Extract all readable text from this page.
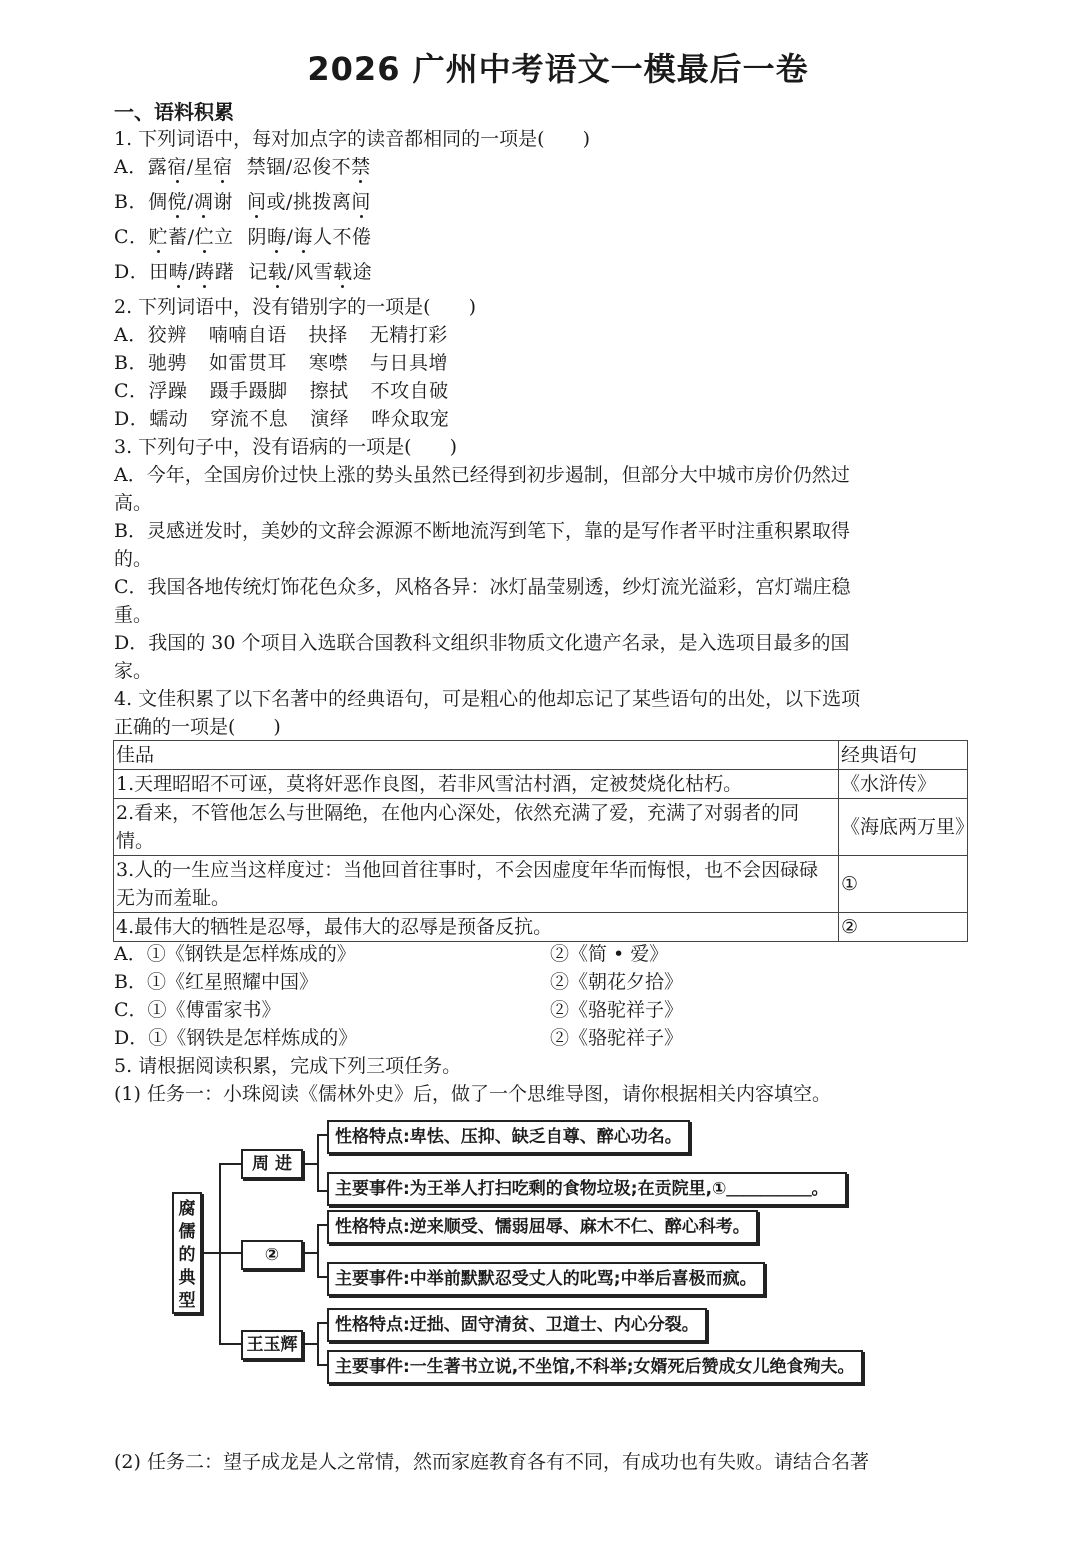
2026 广州中考语文一模最后一卷
一、语料积累
1. 下列词语中，每对加点字的读音都相同的一项是(　　)
A．露宿/星宿 禁锢/忍俊不禁
B．倜傥/凋谢 间或/挑拨离间
C．贮蓄/伫立 阴晦/诲人不倦
D．田畴/踌躇 记载/风雪载途
2. 下列词语中，没有错别字的一项是(　　)
A．狡辨 喃喃自语 抉择 无精打彩
B．驰骋 如雷贯耳 寒噤 与日具增
C．浮躁 蹑手蹑脚 擦拭 不攻自破
D．蠕动 穿流不息 演绎 哗众取宠
3. 下列句子中，没有语病的一项是(　　)
A．今年，全国房价过快上涨的势头虽然已经得到初步遏制，但部分大中城市房价仍然过
高。
B．灵感迸发时，美妙的文辞会源源不断地流泻到笔下，靠的是写作者平时注重积累取得
的。
C．我国各地传统灯饰花色众多，风格各异：冰灯晶莹剔透，纱灯流光溢彩，宫灯端庄稳
重。
D．我国的 30 个项目入选联合国教科文组织非物质文化遗产名录，是入选项目最多的国
家。
4. 文佳积累了以下名著中的经典语句，可是粗心的他却忘记了某些语句的出处，以下选项
正确的一项是(　　)
佳品	经典语句
1.天理昭昭不可诬，莫将奸恶作良图，若非风雪沽村酒，定被焚烧化枯朽。	《水浒传》
2.看来，不管他怎么与世隔绝，在他内心深处，依然充满了爱，充满了对弱者的同情。	《海底两万里》
3.人的一生应当这样度过：当他回首往事时，不会因虚度年华而悔恨，也不会因碌碌无为而羞耻。	①
4.最伟大的牺牲是忍辱，最伟大的忍辱是预备反抗。	②
A．①《钢铁是怎样炼成的》	②《简 • 爱》
B．①《红星照耀中国》	②《朝花夕拾》
C．①《傅雷家书》	②《骆驼祥子》
D．①《钢铁是怎样炼成的》	②《骆驼祥子》
5. 请根据阅读积累，完成下列三项任务。
(1) 任务一：小珠阅读《儒林外史》后，做了一个思维导图，请你根据相关内容填空。
腐
儒
的
典
型
周 进
性格特点:卑怯、压抑、缺乏自尊、醉心功名。
主要事件:为王举人打扫吃剩的食物垃圾;在贡院里,①＿＿＿＿＿。
②
性格特点:逆来顺受、懦弱屈辱、麻木不仁、醉心科考。
主要事件:中举前默默忍受丈人的叱骂;中举后喜极而疯。
王玉辉
性格特点:迂拙、固守清贫、卫道士、内心分裂。
主要事件:一生著书立说,不坐馆,不科举;女婿死后赞成女儿绝食殉夫。
(2) 任务二：望子成龙是人之常情，然而家庭教育各有不同，有成功也有失败。请结合名著
